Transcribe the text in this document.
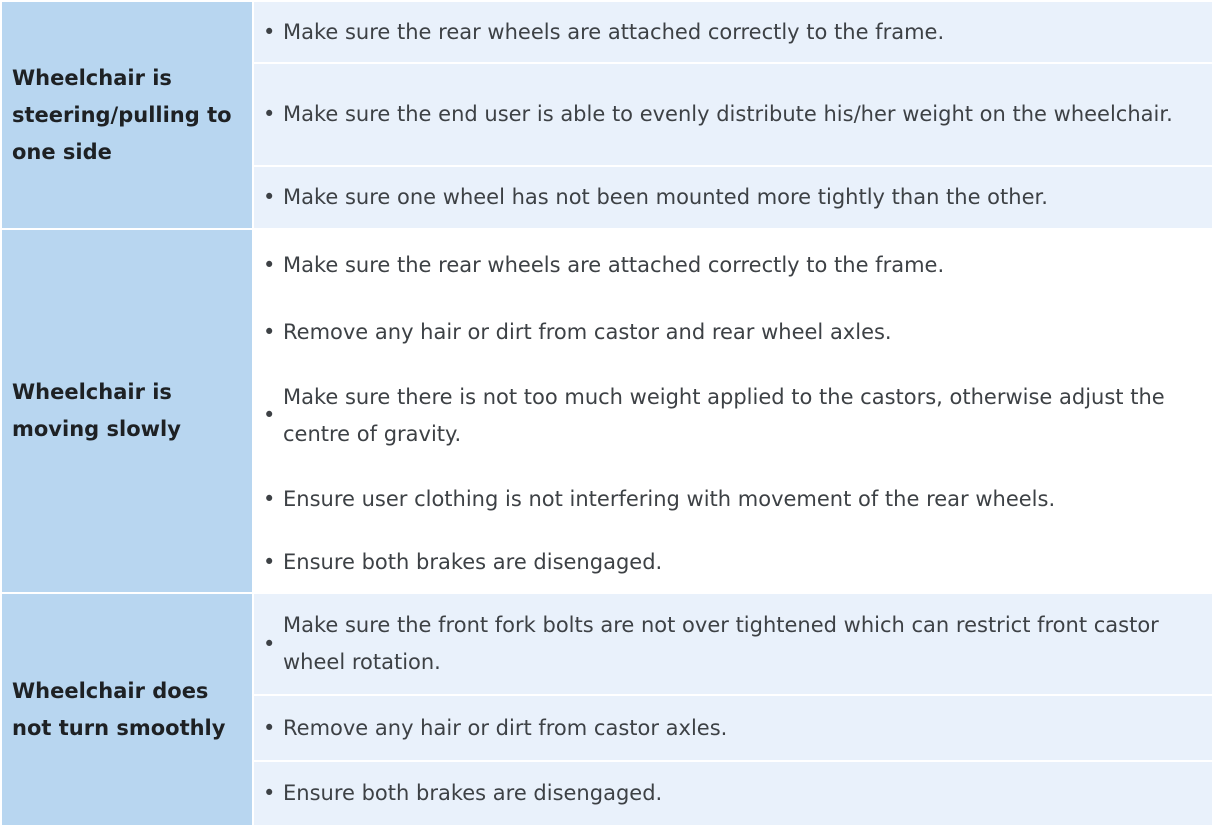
Wheelchair is
steering/pulling to
one side
• Make sure the rear wheels are attached correctly to the frame.
• Make sure the end user is able to evenly distribute his/her weight on the wheelchair.
• Make sure one wheel has not been mounted more tightly than the other.
Wheelchair is
moving slowly
• Make sure the rear wheels are attached correctly to the frame.
• Remove any hair or dirt from castor and rear wheel axles.
•
Make sure there is not too much weight applied to the castors, otherwise adjust the centre of gravity.
• Ensure user clothing is not interfering with movement of the rear wheels.
• Ensure both brakes are disengaged.
Wheelchair does
not turn smoothly
•
Make sure the front fork bolts are not over tightened which can restrict front castor wheel rotation.
• Remove any hair or dirt from castor axles.
• Ensure both brakes are disengaged.
